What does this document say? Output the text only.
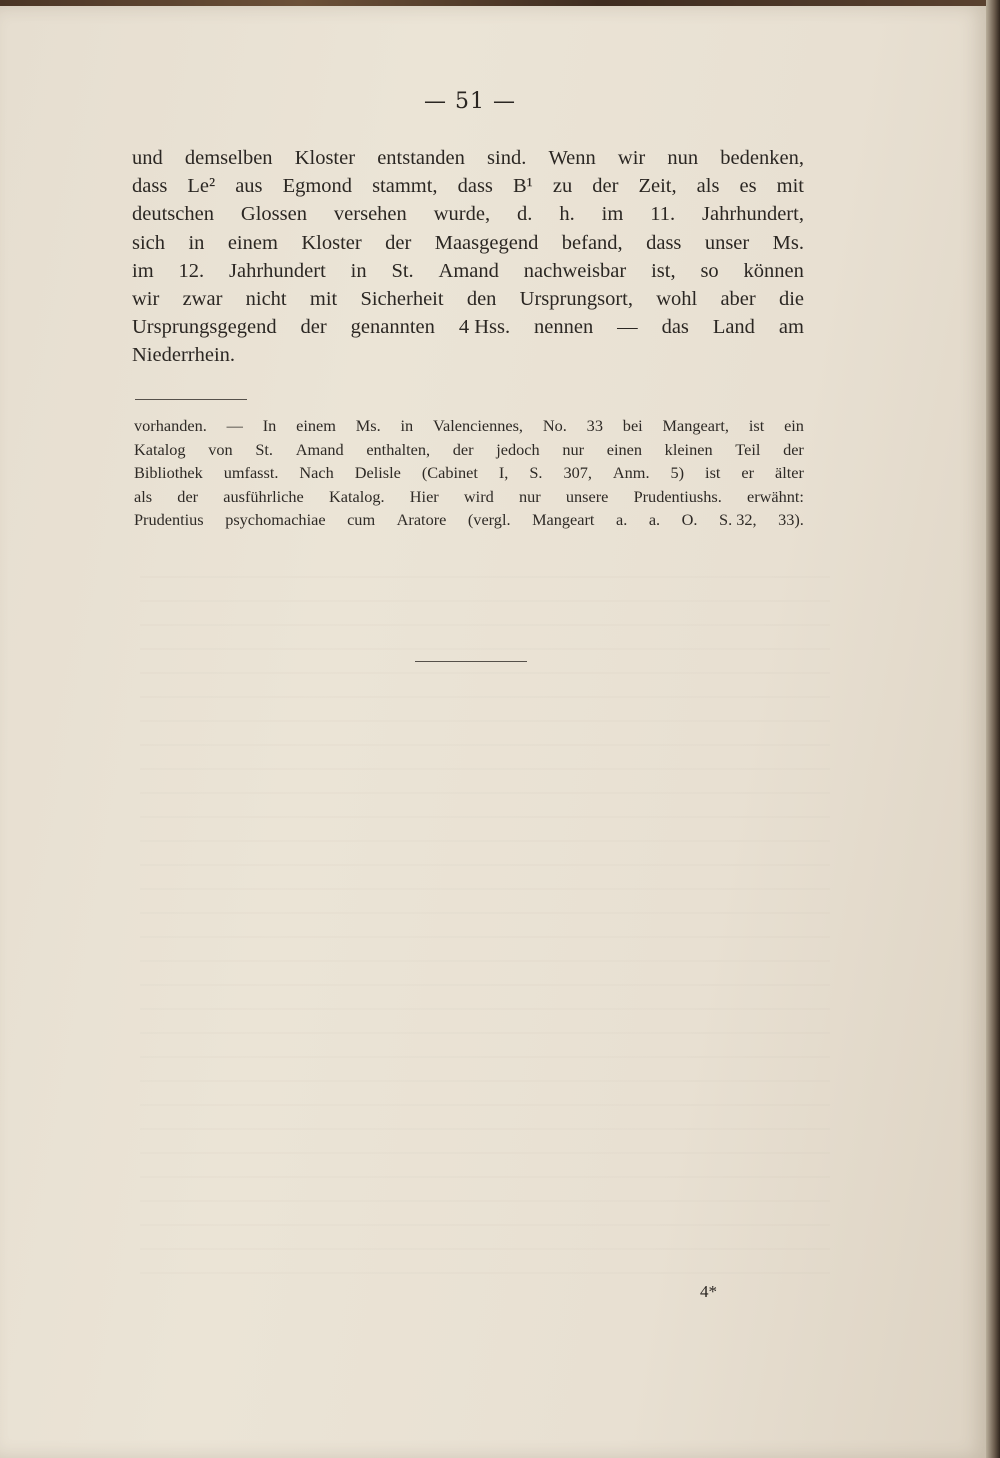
— 51 —
und demselben Kloster entstanden sind. Wenn wir nun bedenken,
dass Le² aus Egmond stammt, dass B¹ zu der Zeit, als es mit
deutschen Glossen versehen wurde, d. h. im 11. Jahrhundert,
sich in einem Kloster der Maasgegend befand, dass unser Ms.
im 12. Jahrhundert in St. Amand nachweisbar ist, so können
wir zwar nicht mit Sicherheit den Ursprungsort, wohl aber die
Ursprungsgegend der genannten 4 Hss. nennen — das Land am
Niederrhein.
vorhanden. — In einem Ms. in Valenciennes, No. 33 bei Mangeart, ist ein
Katalog von St. Amand enthalten, der jedoch nur einen kleinen Teil der
Bibliothek umfasst. Nach Delisle (Cabinet I, S. 307, Anm. 5) ist er älter
als der ausführliche Katalog. Hier wird nur unsere Prudentiushs. erwähnt:
Prudentius psychomachiae cum Aratore (vergl. Mangeart a. a. O. S. 32, 33).
4*
